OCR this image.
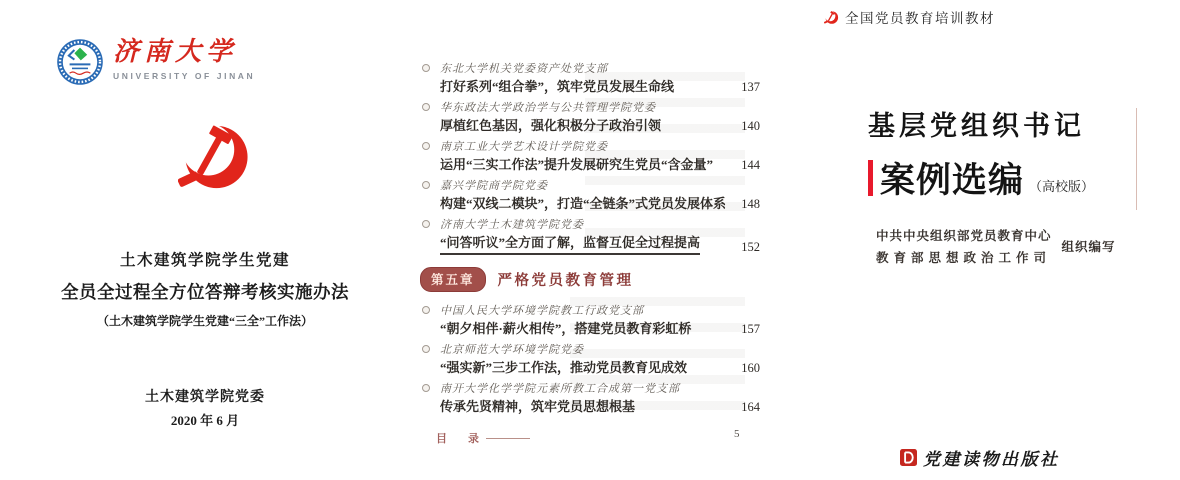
济南大学
UNIVERSITY OF JINAN
土木建筑学院学生党建
全员全过程全方位答辩考核实施办法
（土木建筑学院学生党建“三全”工作法）
土木建筑学院党委
2020 年 6 月
东北大学机关党委资产处党支部
打好系列“组合拳”，筑牢党员发展生命线	137
华东政法大学政治学与公共管理学院党委
厚植红色基因，强化积极分子政治引领	140
南京工业大学艺术设计学院党委
运用“三实工作法”提升发展研究生党员“含金量” 144
嘉兴学院商学院党委
构建“双线二模块”，打造“全链条”式党员发展体系 148
济南大学土木建筑学院党委
“问答听议”全方面了解，监督互促全过程提高	152
第五章	严格党员教育管理
中国人民大学环境学院教工行政党支部
“朝夕相伴·薪火相传”，搭建党员教育彩虹桥	157
北京师范大学环境学院党委
“强实新”三步工作法，推动党员教育见成效	160
南开大学化学学院元素所教工合成第一党支部
传承先贤精神，筑牢党员思想根基	164
目　录	5
全国党员教育培训教材
基层党组织书记
案例选编 （高校版）
中共中央组织部党员教育中心
教育部思想政治工作司
组织编写
党建读物出版社
